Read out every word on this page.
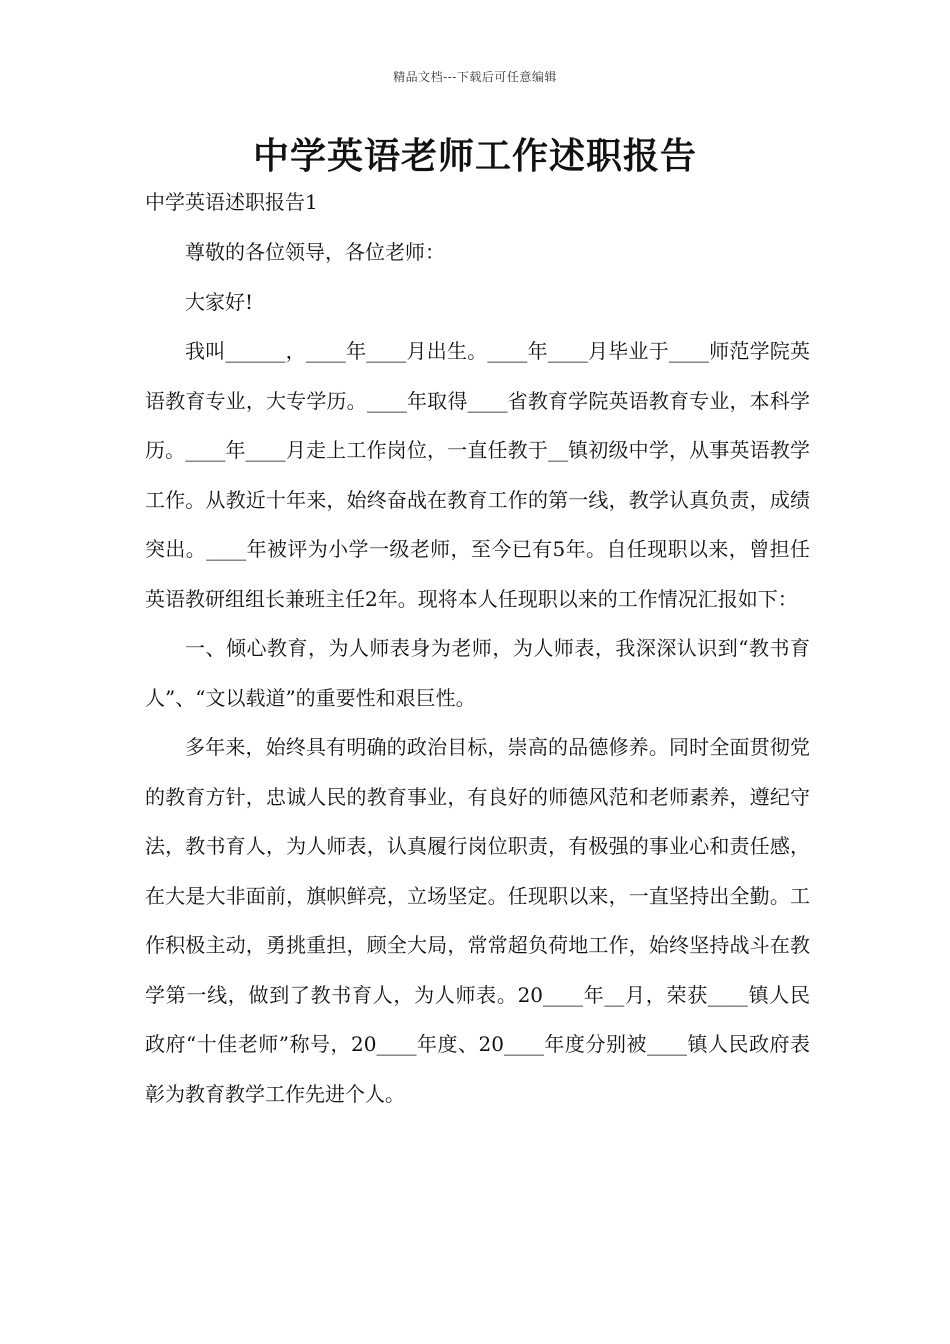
精品文档---下载后可任意编辑
中学英语老师工作述职报告

中学英语述职报告1

尊敬的各位领导，各位老师：

大家好!

我叫______，____年____月出生。____年____月毕业于____师范学院英语教育专业，大专学历。____年取得____省教育学院英语教育专业，本科学历。____年____月走上工作岗位，一直任教于__镇初级中学，从事英语教学工作。从教近十年来，始终奋战在教育工作的第一线，教学认真负责，成绩突出。____年被评为小学一级老师，至今已有5年。自任现职以来，曾担任英语教研组组长兼班主任2年。现将本人任现职以来的工作情况汇报如下：

一、倾心教育，为人师表身为老师，为人师表，我深深认识到“教书育人”、“文以载道”的重要性和艰巨性。

多年来，始终具有明确的政治目标，崇高的品德修养。同时全面贯彻党的教育方针，忠诚人民的教育事业，有良好的师德风范和老师素养，遵纪守法，教书育人，为人师表，认真履行岗位职责，有极强的事业心和责任感，在大是大非面前，旗帜鲜亮，立场坚定。任现职以来，一直坚持出全勤。工作积极主动，勇挑重担，顾全大局，常常超负荷地工作，始终坚持战斗在教学第一线，做到了教书育人，为人师表。20____年__月，荣获____镇人民政府“十佳老师”称号，20____年度、20____年度分别被____镇人民政府表彰为教育教学工作先进个人。
